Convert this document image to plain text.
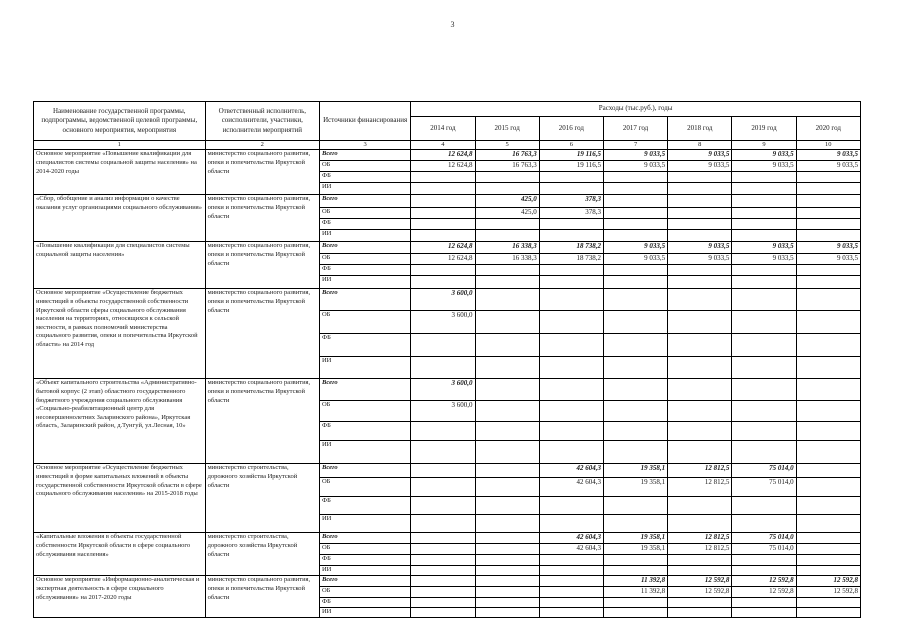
3
Наименование государственной программы, подпрограммы, ведомственной целевой программы, основного мероприятия, мероприятия	Ответственный исполнитель, соисполнители, участники, исполнители мероприятий	Источники финансирования	Расходы (тыс.руб.), годы						
			2014 год	2015 год	2016 год	2017 год	2018 год	2019 год	2020 год
1	2	3	4	5	6	7	8	9	10
Основное мероприятие «Повышение квалификации для специалистов системы социальной защиты населения» на 2014-2020 годы	министерство социального развития, опеки и попечительства Иркутской области	Всего	12 624,8	16 763,3	19 116,5	9 033,5	9 033,5	9 033,5	9 033,5
		ОБ	12 624,8	16 763,3	19 116,5	9 033,5	9 033,5	9 033,5	9 033,5
		ФБ							
		ИИ							
«Сбор, обобщение и анализ информации о качестве оказания услуг организациями социального обслуживания»	министерство социального развития, опеки и попечительства Иркутской области	Всего		425,0	378,3				
		ОБ		425,0	378,3				
		ФБ							
		ИИ							
«Повышение квалификации для специалистов системы социальной защиты населения»	министерство социального развития, опеки и попечительства Иркутской области	Всего	12 624,8	16 338,3	18 738,2	9 033,5	9 033,5	9 033,5	9 033,5
		ОБ	12 624,8	16 338,3	18 738,2	9 033,5	9 033,5	9 033,5	9 033,5
		ФБ							
		ИИ							
Основное мероприятие «Осуществление бюджетных инвестиций в объекты государственной собственности Иркутской области сферы социального обслуживания населения на территориях, относящихся к сельской местности, в рамках полномочий министерства социального развития, опеки и попечительства Иркутской области» на 2014 год	министерство социального развития, опеки и попечительства Иркутской области	Всего	3 600,0						
		ОБ	3 600,0						
		ФБ							
		ИИ							
«Объект капитального строительства «Административно-бытовой корпус (2 этап) областного государственного бюджетного учреждения социального обслуживания «Социально-реабилитационный центр для несовершеннолетних Заларинского района», Иркутская область, Заларинский район, д.Тунгуй, ул.Лесная, 10»	министерство социального развития, опеки и попечительства Иркутской области	Всего	3 600,0						
		ОБ	3 600,0						
		ФБ							
		ИИ							
Основное мероприятие «Осуществление бюджетных инвестиций в форме капитальных вложений в объекты государственной собственности Иркутской области в сфере социального обслуживания населения» на 2015-2018 годы	министерство строительства, дорожного хозяйства Иркутской области	Всего			42 604,3	19 358,1	12 812,5	75 014,0	
		ОБ			42 604,3	19 358,1	12 812,5	75 014,0	
		ФБ							
		ИИ							
«Капитальные вложения в объекты государственной собственности Иркутской области в сфере социального обслуживания населения»	министерство строительства, дорожного хозяйства Иркутской области	Всего			42 604,3	19 358,1	12 812,5	75 014,0	
		ОБ			42 604,3	19 358,1	12 812,5	75 014,0	
		ФБ							
		ИИ							
Основное мероприятие «Информационно-аналитическая и экспертная деятельность в сфере социального обслуживания» на 2017-2020 годы	министерство социального развития, опеки и попечительства Иркутской области	Всего				11 392,8	12 592,8	12 592,8	12 592,8
		ОБ				11 392,8	12 592,8	12 592,8	12 592,8
		ФБ							
		ИИ							
